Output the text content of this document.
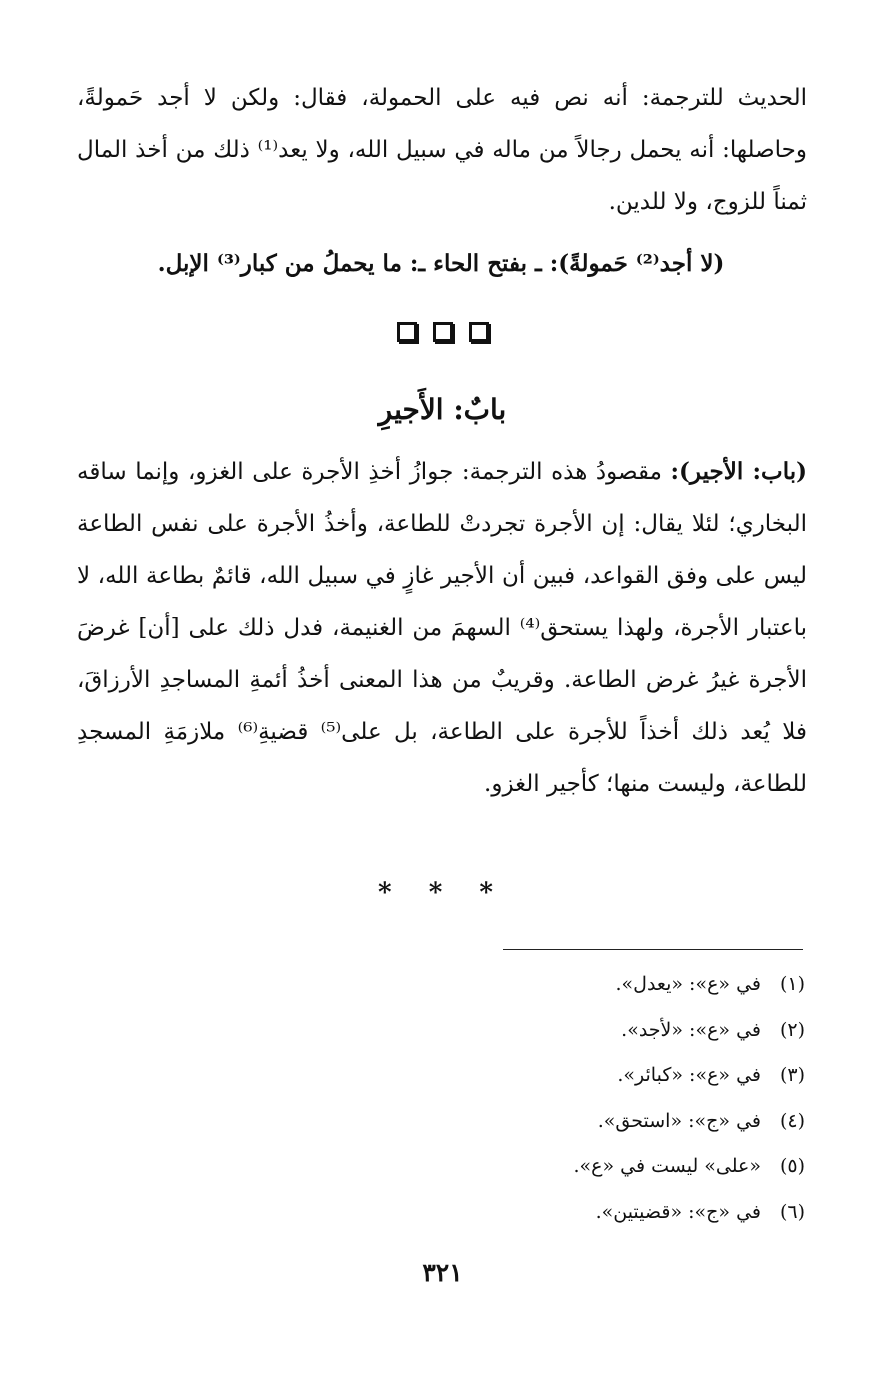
الحديث للترجمة: أنه نص فيه على الحمولة، فقال: ولكن لا أجد حَمولةً، وحاصلها: أنه يحمل رجالاً من ماله في سبيل الله، ولا يعد⁽¹⁾ ذلك من أخذ المال ثمناً للزوج، ولا للدين.

(لا أجد⁽²⁾ حَمولةً): ـ بفتح الحاء ـ: ما يحملُ من كبار⁽³⁾ الإبل.

بابٌ: الأَجيرِ

(باب: الأجير): مقصودُ هذه الترجمة: جوازُ أخذِ الأجرة على الغزو، وإنما ساقه البخاري؛ لئلا يقال: إن الأجرة تجردتْ للطاعة، وأخذُ الأجرة على نفس الطاعة ليس على وفق القواعد، فبين أن الأجير غازٍ في سبيل الله، قائمٌ بطاعة الله، لا باعتبار الأجرة، ولهذا يستحق⁽⁴⁾ السهمَ من الغنيمة، فدل ذلك على [أن] غرضَ الأجرة غيرُ غرض الطاعة. وقريبٌ من هذا المعنى أخذُ أئمةِ المساجدِ الأرزاقَ، فلا يُعد ذلك أخذاً للأجرة على الطاعة، بل على⁽⁵⁾ قضيةِ⁽⁶⁾ ملازمَةِ المسجدِ للطاعة، وليست منها؛ كأجير الغزو.

* * *
(١)في «ع»: «يعدل».
(٢)في «ع»: «لأجد».
(٣)في «ع»: «كبائر».
(٤)في «ج»: «استحق».
(٥)«على» ليست في «ع».
(٦)في «ج»: «قضيتين».
٣٢١
